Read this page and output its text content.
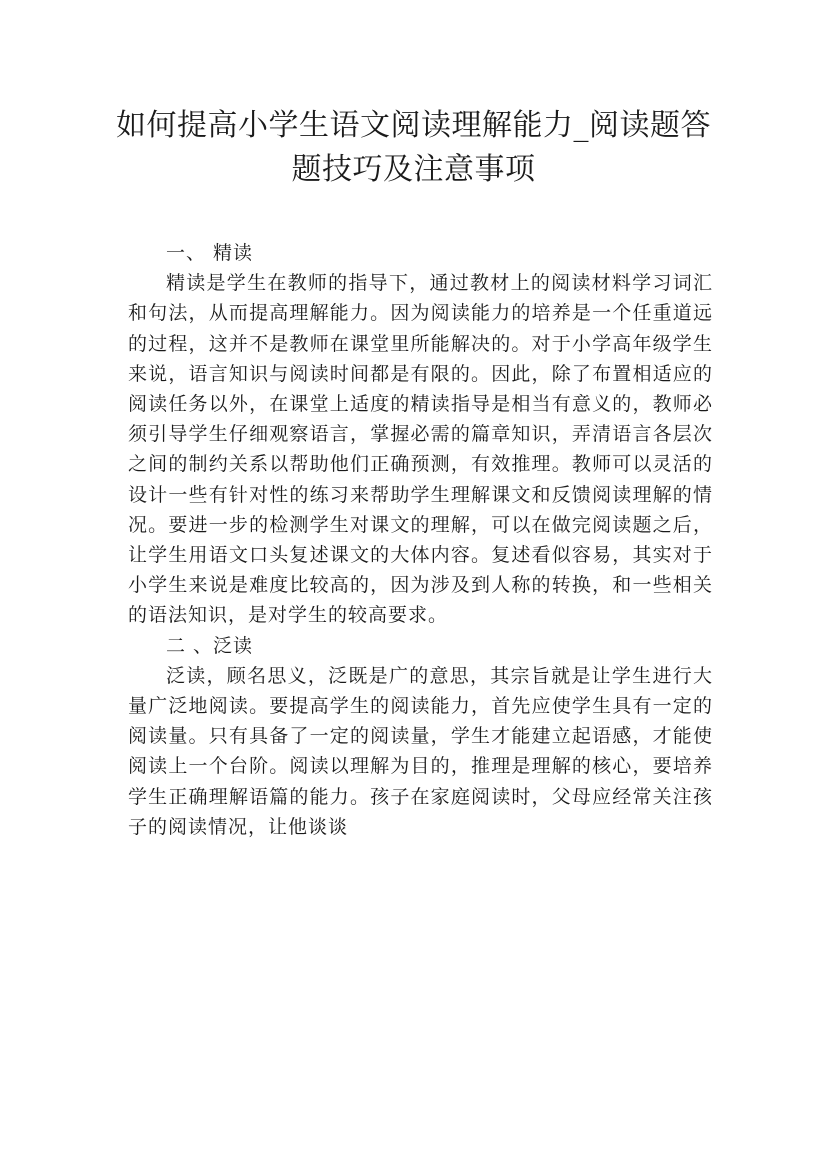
如何提高小学生语文阅读理解能力_阅读题答题技巧及注意事项
一、 精读

精读是学生在教师的指导下，通过教材上的阅读材料学习词汇和句法，从而提高理解能力。因为阅读能力的培养是一个任重道远的过程，这并不是教师在课堂里所能解决的。对于小学高年级学生来说，语言知识与阅读时间都是有限的。因此，除了布置相适应的阅读任务以外，在课堂上适度的精读指导是相当有意义的，教师必须引导学生仔细观察语言，掌握必需的篇章知识，弄清语言各层次之间的制约关系以帮助他们正确预测，有效推理。教师可以灵活的设计一些有针对性的练习来帮助学生理解课文和反馈阅读理解的情况。要进一步的检测学生对课文的理解，可以在做完阅读题之后，让学生用语文口头复述课文的大体内容。复述看似容易，其实对于小学生来说是难度比较高的，因为涉及到人称的转换，和一些相关的语法知识，是对学生的较高要求。

二 、泛读

泛读，顾名思义，泛既是广的意思，其宗旨就是让学生进行大量广泛地阅读。要提高学生的阅读能力，首先应使学生具有一定的阅读量。只有具备了一定的阅读量，学生才能建立起语感，才能使阅读上一个台阶。阅读以理解为目的，推理是理解的核心，要培养学生正确理解语篇的能力。孩子在家庭阅读时，父母应经常关注孩子的阅读情况，让他谈谈
